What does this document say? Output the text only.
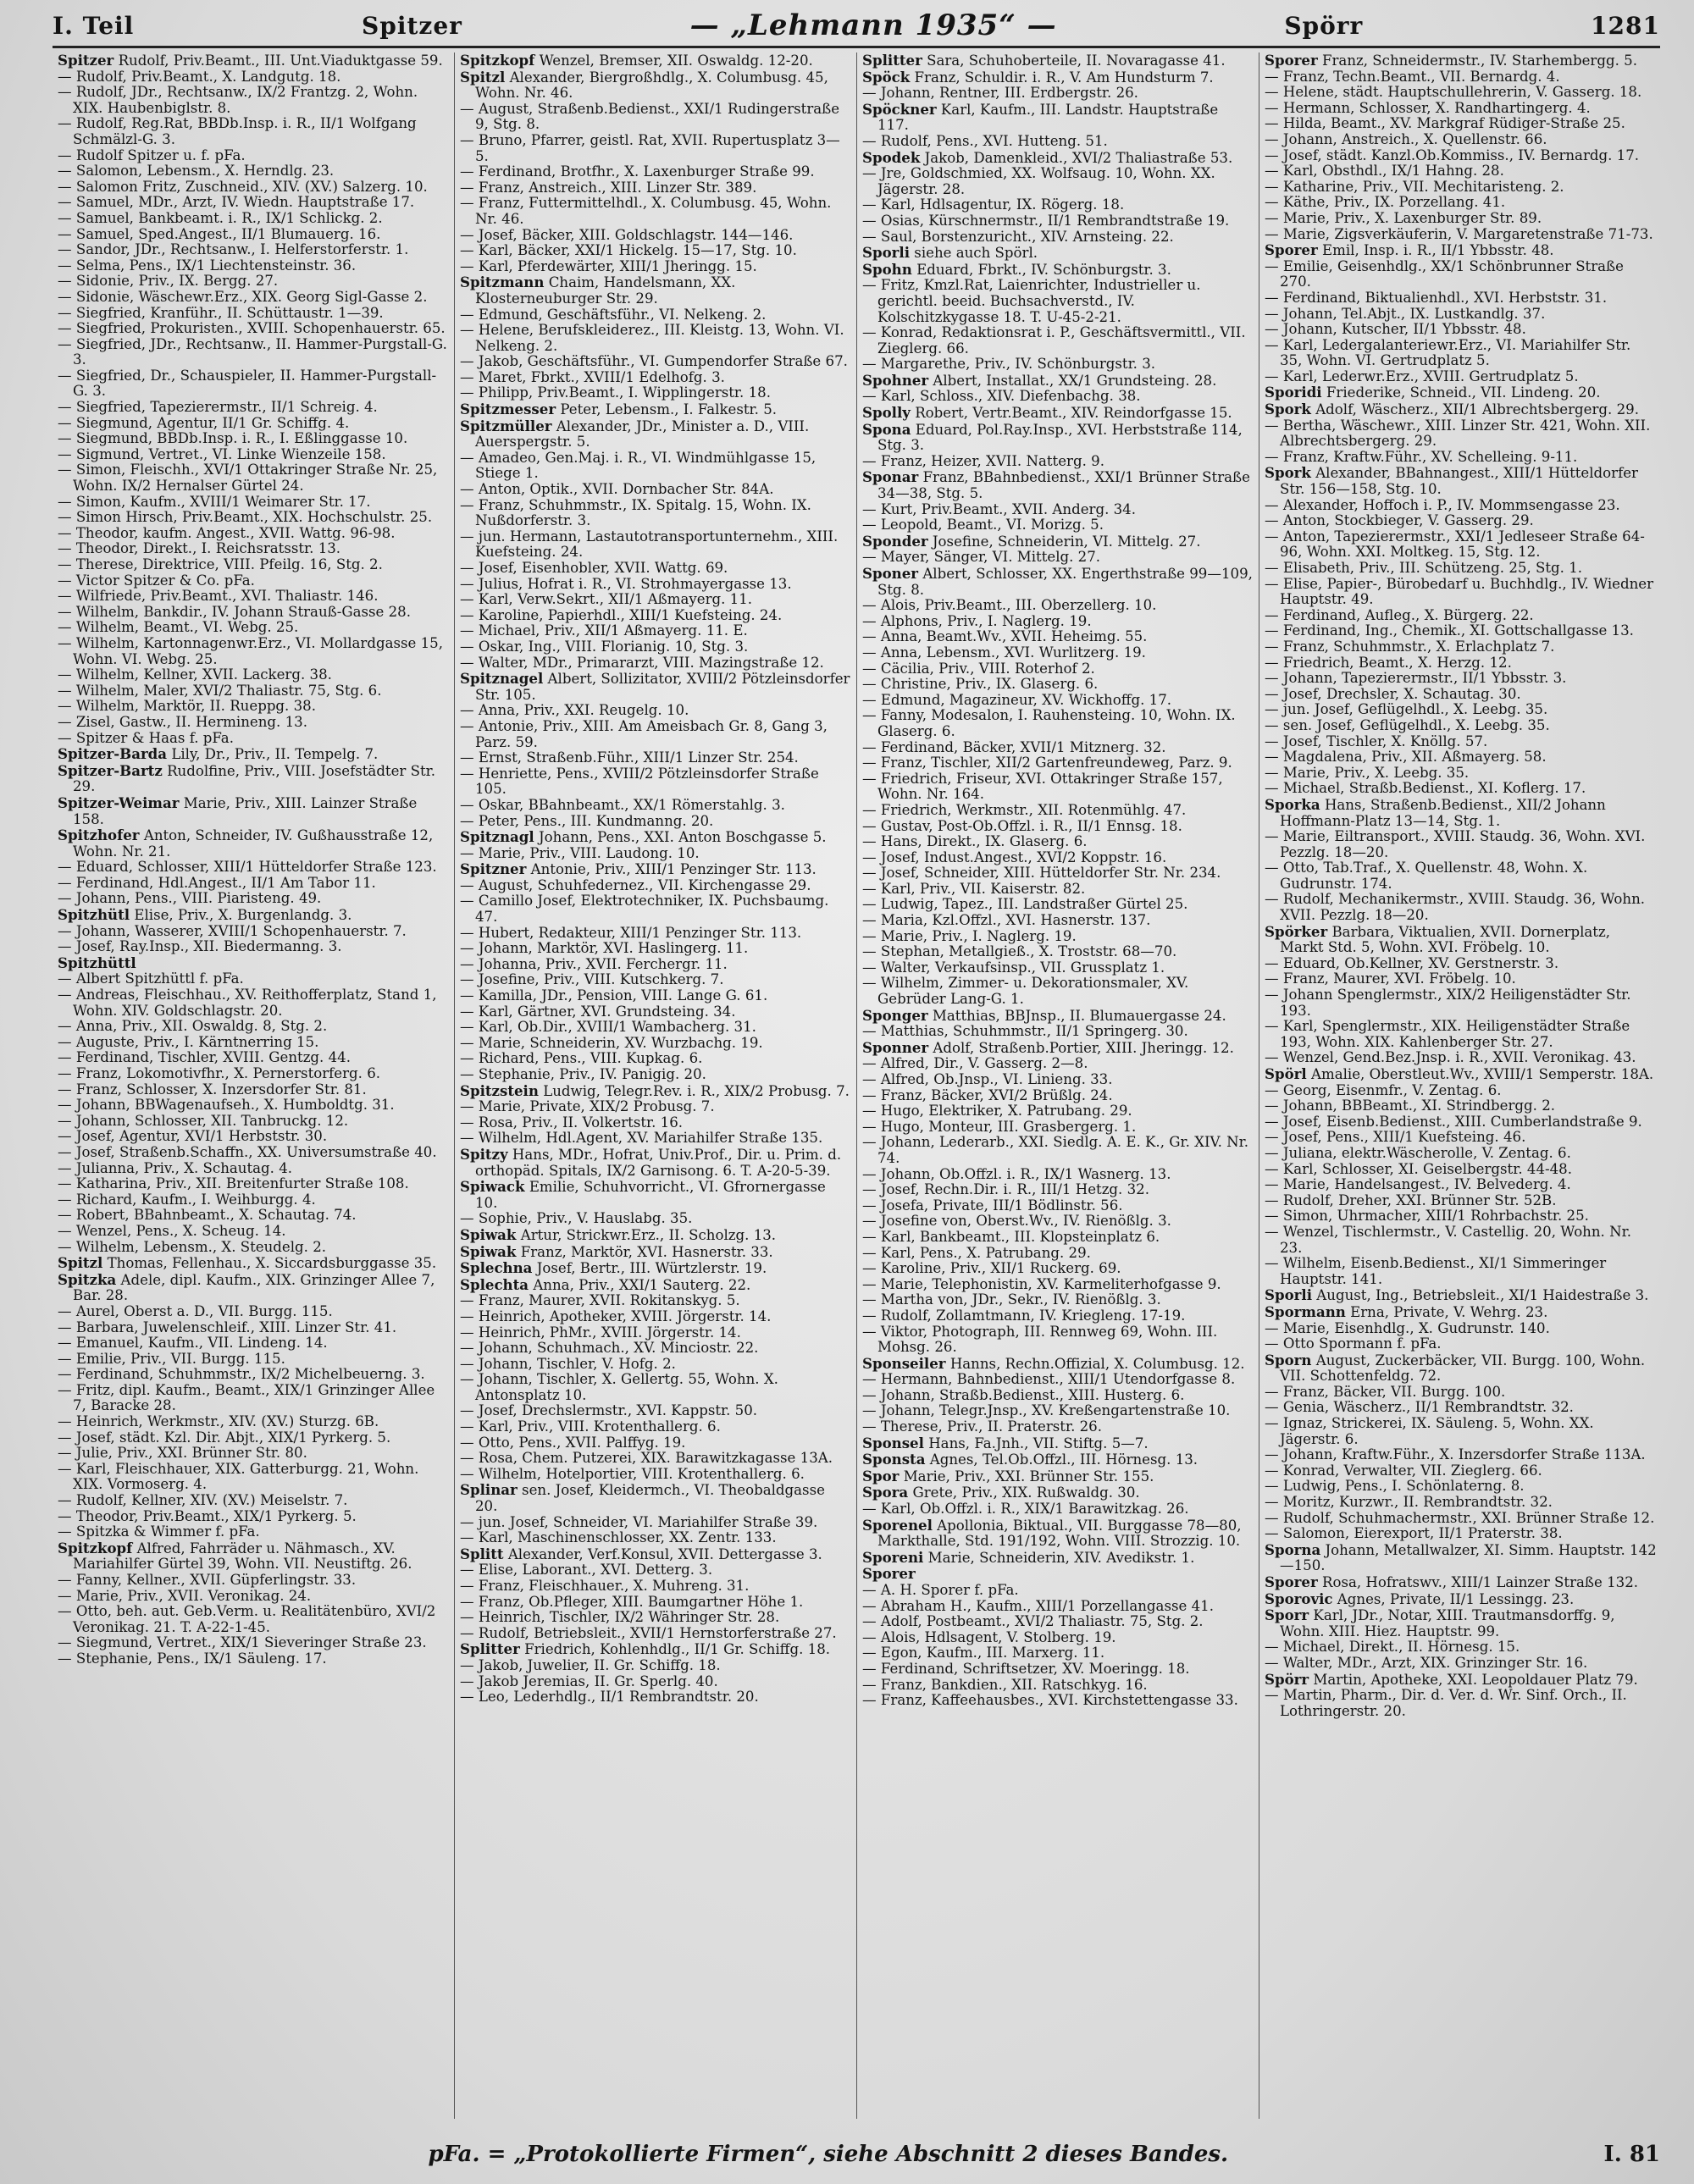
I. Teil	Spitzer	— „Lehmann 1935“ —	Spörr	1281

Spitzer Rudolf, Priv.Beamt., III. Unt.Viaduktgasse 59.

— Rudolf, Priv.Beamt., X. Landgutg. 18.

— Rudolf, JDr., Rechtsanw., IX/2 Frantzg. 2, Wohn. XIX. Haubenbiglstr. 8.

— Rudolf, Reg.Rat, BBDb.Insp. i. R., II/1 Wolfgang Schmälzl-G. 3.

— Rudolf Spitzer u. f. pFa.

— Salomon, Lebensm., X. Herndlg. 23.

— Salomon Fritz, Zuschneid., XIV. (XV.) Salzerg. 10.

— Samuel, MDr., Arzt, IV. Wiedn. Hauptstraße 17.

— Samuel, Bankbeamt. i. R., IX/1 Schlickg. 2.

— Samuel, Sped.Angest., II/1 Blumauerg. 16.

— Sandor, JDr., Rechtsanw., I. Helferstorferstr. 1.

— Selma, Pens., IX/1 Liechtensteinstr. 36.

— Sidonie, Priv., IX. Bergg. 27.

— Sidonie, Wäschewr.Erz., XIX. Georg Sigl-Gasse 2.

— Siegfried, Kranführ., II. Schüttaustr. 1—39.

— Siegfried, Prokuristen., XVIII. Schopenhauerstr. 65.

— Siegfried, JDr., Rechtsanw., II. Hammer-Purgstall-G. 3.

— Siegfried, Dr., Schauspieler, II. Hammer-Purgstall-G. 3.

— Siegfried, Tapezierermstr., II/1 Schreig. 4.

— Siegmund, Agentur, II/1 Gr. Schiffg. 4.

— Siegmund, BBDb.Insp. i. R., I. Eßlinggasse 10.

— Sigmund, Vertret., VI. Linke Wienzeile 158.

— Simon, Fleischh., XVI/1 Ottakringer Straße Nr. 25, Wohn. IX/2 Hernalser Gürtel 24.

— Simon, Kaufm., XVIII/1 Weimarer Str. 17.

— Simon Hirsch, Priv.Beamt., XIX. Hochschulstr. 25.

— Theodor, kaufm. Angest., XVII. Wattg. 96-98.

— Theodor, Direkt., I. Reichsratsstr. 13.

— Therese, Direktrice, VIII. Pfeilg. 16, Stg. 2.

— Victor Spitzer & Co. pFa.

— Wilfriede, Priv.Beamt., XVI. Thaliastr. 146.

— Wilhelm, Bankdir., IV. Johann Strauß-Gasse 28.

— Wilhelm, Beamt., VI. Webg. 25.

— Wilhelm, Kartonnagenwr.Erz., VI. Mollardgasse 15, Wohn. VI. Webg. 25.

— Wilhelm, Kellner, XVII. Lackerg. 38.

— Wilhelm, Maler, XVI/2 Thaliastr. 75, Stg. 6.

— Wilhelm, Marktör, II. Rueppg. 38.

— Zisel, Gastw., II. Hermineng. 13.

— Spitzer & Haas f. pFa.

Spitzer-Barda Lily, Dr., Priv., II. Tempelg. 7.

Spitzer-Bartz Rudolfine, Priv., VIII. Josefstädter Str. 29.

Spitzer-Weimar Marie, Priv., XIII. Lainzer Straße 158.

Spitzhofer Anton, Schneider, IV. Gußhausstraße 12, Wohn. Nr. 21.

— Eduard, Schlosser, XIII/1 Hütteldorfer Straße 123.

— Ferdinand, Hdl.Angest., II/1 Am Tabor 11.

— Johann, Pens., VIII. Piaristeng. 49.

Spitzhütl Elise, Priv., X. Burgenlandg. 3.

— Johann, Wasserer, XVIII/1 Schopenhauerstr. 7.

— Josef, Ray.Insp., XII. Biedermanng. 3.

Spitzhüttl

— Albert Spitzhüttl f. pFa.

— Andreas, Fleischhau., XV. Reithofferplatz, Stand 1, Wohn. XIV. Goldschlagstr. 20.

— Anna, Priv., XII. Oswaldg. 8, Stg. 2.

— Auguste, Priv., I. Kärntnerring 15.

— Ferdinand, Tischler, XVIII. Gentzg. 44.

— Franz, Lokomotivfhr., X. Pernerstorferg. 6.

— Franz, Schlosser, X. Inzersdorfer Str. 81.

— Johann, BBWagenaufseh., X. Humboldtg. 31.

— Johann, Schlosser, XII. Tanbruckg. 12.

— Josef, Agentur, XVI/1 Herbststr. 30.

— Josef, Straßenb.Schaffn., XX. Universumstraße 40.

— Julianna, Priv., X. Schautag. 4.

— Katharina, Priv., XII. Breitenfurter Straße 108.

— Richard, Kaufm., I. Weihburgg. 4.

— Robert, BBahnbeamt., X. Schautag. 74.

— Wenzel, Pens., X. Scheug. 14.

— Wilhelm, Lebensm., X. Steudelg. 2.

Spitzl Thomas, Fellenhau., X. Siccardsburggasse 35.

Spitzka Adele, dipl. Kaufm., XIX. Grinzinger Allee 7, Bar. 28.

— Aurel, Oberst a. D., VII. Burgg. 115.

— Barbara, Juwelenschleif., XIII. Linzer Str. 41.

— Emanuel, Kaufm., VII. Lindeng. 14.

— Emilie, Priv., VII. Burgg. 115.

— Ferdinand, Schuhmmstr., IX/2 Michelbeuerng. 3.

— Fritz, dipl. Kaufm., Beamt., XIX/1 Grinzinger Allee 7, Baracke 28.

— Heinrich, Werkmstr., XIV. (XV.) Sturzg. 6B.

— Josef, städt. Kzl. Dir. Abjt., XIX/1 Pyrkerg. 5.

— Julie, Priv., XXI. Brünner Str. 80.

— Karl, Fleischhauer, XIX. Gatterburgg. 21, Wohn. XIX. Vormoserg. 4.

— Rudolf, Kellner, XIV. (XV.) Meiselstr. 7.

— Theodor, Priv.Beamt., XIX/1 Pyrkerg. 5.

— Spitzka & Wimmer f. pFa.

Spitzkopf Alfred, Fahrräder u. Nähmasch., XV. Mariahilfer Gürtel 39, Wohn. VII. Neustiftg. 26.

— Fanny, Kellner., XVII. Güpferlingstr. 33.

— Marie, Priv., XVII. Veronikag. 24.

— Otto, beh. aut. Geb.Verm. u. Realitätenbüro, XVI/2 Veronikag. 21. T. A-22-1-45.

— Siegmund, Vertret., XIX/1 Sieveringer Straße 23.

— Stephanie, Pens., IX/1 Säuleng. 17.

Spitzkopf Wenzel, Bremser, XII. Oswaldg. 12-20.

Spitzl Alexander, Biergroßhdlg., X. Columbusg. 45, Wohn. Nr. 46.

— August, Straßenb.Bedienst., XXI/1 Rudingerstraße 9, Stg. 8.

— Bruno, Pfarrer, geistl. Rat, XVII. Rupertusplatz 3—5.

— Ferdinand, Brotfhr., X. Laxenburger Straße 99.

— Franz, Anstreich., XIII. Linzer Str. 389.

— Franz, Futtermittelhdl., X. Columbusg. 45, Wohn. Nr. 46.

— Josef, Bäcker, XIII. Goldschlagstr. 144—146.

— Karl, Bäcker, XXI/1 Hickelg. 15—17, Stg. 10.

— Karl, Pferdewärter, XIII/1 Jheringg. 15.

Spitzmann Chaim, Handelsmann, XX. Klosterneuburger Str. 29.

— Edmund, Geschäftsführ., VI. Nelkeng. 2.

— Helene, Berufskleiderez., III. Kleistg. 13, Wohn. VI. Nelkeng. 2.

— Jakob, Geschäftsführ., VI. Gumpendorfer Straße 67.

— Maret, Fbrkt., XVIII/1 Edelhofg. 3.

— Philipp, Priv.Beamt., I. Wipplingerstr. 18.

Spitzmesser Peter, Lebensm., I. Falkestr. 5.

Spitzmüller Alexander, JDr., Minister a. D., VIII. Auerspergstr. 5.

— Amadeo, Gen.Maj. i. R., VI. Windmühlgasse 15, Stiege 1.

— Anton, Optik., XVII. Dornbacher Str. 84A.

— Franz, Schuhmmstr., IX. Spitalg. 15, Wohn. IX. Nußdorferstr. 3.

— jun. Hermann, Lastautotransportunternehm., XIII. Kuefsteing. 24.

— Josef, Eisenhobler, XVII. Wattg. 69.

— Julius, Hofrat i. R., VI. Strohmayergasse 13.

— Karl, Verw.Sekrt., XII/1 Aßmayerg. 11.

— Karoline, Papierhdl., XIII/1 Kuefsteing. 24.

— Michael, Priv., XII/1 Aßmayerg. 11. E.

— Oskar, Ing., VIII. Florianig. 10, Stg. 3.

— Walter, MDr., Primararzt, VIII. Mazingstraße 12.

Spitznagel Albert, Sollizitator, XVIII/2 Pötzleinsdorfer Str. 105.

— Anna, Priv., XXI. Reugelg. 10.

— Antonie, Priv., XIII. Am Ameisbach Gr. 8, Gang 3, Parz. 59.

— Ernst, Straßenb.Führ., XIII/1 Linzer Str. 254.

— Henriette, Pens., XVIII/2 Pötzleinsdorfer Straße 105.

— Oskar, BBahnbeamt., XX/1 Römerstahlg. 3.

— Peter, Pens., III. Kundmanng. 20.

Spitznagl Johann, Pens., XXI. Anton Boschgasse 5.

— Marie, Priv., VIII. Laudong. 10.

Spitzner Antonie, Priv., XIII/1 Penzinger Str. 113.

— August, Schuhfedernez., VII. Kirchengasse 29.

— Camillo Josef, Elektrotechniker, IX. Puchsbaumg. 47.

— Hubert, Redakteur, XIII/1 Penzinger Str. 113.

— Johann, Marktör, XVI. Haslingerg. 11.

— Johanna, Priv., XVII. Ferchergr. 11.

— Josefine, Priv., VIII. Kutschkerg. 7.

— Kamilla, JDr., Pension, VIII. Lange G. 61.

— Karl, Gärtner, XVI. Grundsteing. 34.

— Karl, Ob.Dir., XVIII/1 Wambacherg. 31.

— Marie, Schneiderin, XV. Wurzbachg. 19.

— Richard, Pens., VIII. Kupkag. 6.

— Stephanie, Priv., IV. Panigig. 20.

Spitzstein Ludwig, Telegr.Rev. i. R., XIX/2 Probusg. 7.

— Marie, Private, XIX/2 Probusg. 7.

— Rosa, Priv., II. Volkertstr. 16.

— Wilhelm, Hdl.Agent, XV. Mariahilfer Straße 135.

Spitzy Hans, MDr., Hofrat, Univ.Prof., Dir. u. Prim. d. orthopäd. Spitals, IX/2 Garnisong. 6. T. A-20-5-39.

Spiwack Emilie, Schuhvorricht., VI. Gfrornergasse 10.

— Sophie, Priv., V. Hauslabg. 35.

Spiwak Artur, Strickwr.Erz., II. Scholzg. 13.

Spiwak Franz, Marktör, XVI. Hasnerstr. 33.

Splechna Josef, Bertr., III. Würtzlerstr. 19.

Splechta Anna, Priv., XXI/1 Sauterg. 22.

— Franz, Maurer, XVII. Rokitanskyg. 5.

— Heinrich, Apotheker, XVIII. Jörgerstr. 14.

— Heinrich, PhMr., XVIII. Jörgerstr. 14.

— Johann, Schuhmach., XV. Minciostr. 22.

— Johann, Tischler, V. Hofg. 2.

— Johann, Tischler, X. Gellertg. 55, Wohn. X. Antonsplatz 10.

— Josef, Drechslermstr., XVI. Kappstr. 50.

— Karl, Priv., VIII. Krotenthallerg. 6.

— Otto, Pens., XVII. Palffyg. 19.

— Rosa, Chem. Putzerei, XIX. Barawitzkagasse 13A.

— Wilhelm, Hotelportier, VIII. Krotenthallerg. 6.

Splinar sen. Josef, Kleidermch., VI. Theobaldgasse 20.

— jun. Josef, Schneider, VI. Mariahilfer Straße 39.

— Karl, Maschinenschlosser, XX. Zentr. 133.

Splitt Alexander, Verf.Konsul, XVII. Dettergasse 3.

— Elise, Laborant., XVI. Detterg. 3.

— Franz, Fleischhauer., X. Muhreng. 31.

— Franz, Ob.Pfleger, XIII. Baumgartner Höhe 1.

— Heinrich, Tischler, IX/2 Währinger Str. 28.

— Rudolf, Betriebsleit., XVII/1 Hernstorferstraße 27.

Splitter Friedrich, Kohlenhdlg., II/1 Gr. Schiffg. 18.

— Jakob, Juwelier, II. Gr. Schiffg. 18.

— Jakob Jeremias, II. Gr. Sperlg. 40.

— Leo, Lederhdlg., II/1 Rembrandtstr. 20.

Splitter Sara, Schuhoberteile, II. Novaragasse 41.

Spöck Franz, Schuldir. i. R., V. Am Hundsturm 7.

— Johann, Rentner, III. Erdbergstr. 26.

Spöckner Karl, Kaufm., III. Landstr. Hauptstraße 117.

— Rudolf, Pens., XVI. Hutteng. 51.

Spodek Jakob, Damenkleid., XVI/2 Thaliastraße 53.

— Jre, Goldschmied, XX. Wolfsaug. 10, Wohn. XX. Jägerstr. 28.

— Karl, Hdlsagentur, IX. Rögerg. 18.

— Osias, Kürschnermstr., II/1 Rembrandtstraße 19.

— Saul, Borstenzuricht., XIV. Arnsteing. 22.

Sporli siehe auch Spörl.

Spohn Eduard, Fbrkt., IV. Schönburgstr. 3.

— Fritz, Kmzl.Rat, Laienrichter, Industrieller u. gerichtl. beeid. Buchsachverstd., IV. Kolschitzkygasse 18. T. U-45-2-21.

— Konrad, Redaktionsrat i. P., Geschäftsvermittl., VII. Zieglerg. 66.

— Margarethe, Priv., IV. Schönburgstr. 3.

Spohner Albert, Installat., XX/1 Grundsteing. 28.

— Karl, Schloss., XIV. Diefenbachg. 38.

Spolly Robert, Vertr.Beamt., XIV. Reindorfgasse 15.

Spona Eduard, Pol.Ray.Insp., XVI. Herbststraße 114, Stg. 3.

— Franz, Heizer, XVII. Natterg. 9.

Sponar Franz, BBahnbedienst., XXI/1 Brünner Straße 34—38, Stg. 5.

— Kurt, Priv.Beamt., XVII. Anderg. 34.

— Leopold, Beamt., VI. Morizg. 5.

Sponder Josefine, Schneiderin, VI. Mittelg. 27.

— Mayer, Sänger, VI. Mittelg. 27.

Sponer Albert, Schlosser, XX. Engerthstraße 99—109, Stg. 8.

— Alois, Priv.Beamt., III. Oberzellerg. 10.

— Alphons, Priv., I. Naglerg. 19.

— Anna, Beamt.Wv., XVII. Heheimg. 55.

— Anna, Lebensm., XVI. Wurlitzerg. 19.

— Cäcilia, Priv., VIII. Roterhof 2.

— Christine, Priv., IX. Glaserg. 6.

— Edmund, Magazineur, XV. Wickhoffg. 17.

— Fanny, Modesalon, I. Rauhensteing. 10, Wohn. IX. Glaserg. 6.

— Ferdinand, Bäcker, XVII/1 Mitznerg. 32.

— Franz, Tischler, XII/2 Gartenfreundeweg, Parz. 9.

— Friedrich, Friseur, XVI. Ottakringer Straße 157, Wohn. Nr. 164.

— Friedrich, Werkmstr., XII. Rotenmühlg. 47.

— Gustav, Post-Ob.Offzl. i. R., II/1 Ennsg. 18.

— Hans, Direkt., IX. Glaserg. 6.

— Josef, Indust.Angest., XVI/2 Koppstr. 16.

— Josef, Schneider, XIII. Hütteldorfer Str. Nr. 234.

— Karl, Priv., VII. Kaiserstr. 82.

— Ludwig, Tapez., III. Landstraßer Gürtel 25.

— Maria, Kzl.Offzl., XVI. Hasnerstr. 137.

— Marie, Priv., I. Naglerg. 19.

— Stephan, Metallgieß., X. Troststr. 68—70.

— Walter, Verkaufsinsp., VII. Grussplatz 1.

— Wilhelm, Zimmer- u. Dekorationsmaler, XV. Gebrüder Lang-G. 1.

Sponger Matthias, BBJnsp., II. Blumauergasse 24.

— Matthias, Schuhmmstr., II/1 Springerg. 30.

Sponner Adolf, Straßenb.Portier, XIII. Jheringg. 12.

— Alfred, Dir., V. Gasserg. 2—8.

— Alfred, Ob.Jnsp., VI. Linieng. 33.

— Franz, Bäcker, XVI/2 Brüßlg. 24.

— Hugo, Elektriker, X. Patrubang. 29.

— Hugo, Monteur, III. Grasbergerg. 1.

— Johann, Lederarb., XXI. Siedlg. A. E. K., Gr. XIV. Nr. 74.

— Johann, Ob.Offzl. i. R., IX/1 Wasnerg. 13.

— Josef, Rechn.Dir. i. R., III/1 Hetzg. 32.

— Josefa, Private, III/1 Bödlinstr. 56.

— Josefine von, Oberst.Wv., IV. Rienößlg. 3.

— Karl, Bankbeamt., III. Klopsteinplatz 6.

— Karl, Pens., X. Patrubang. 29.

— Karoline, Priv., XII/1 Ruckerg. 69.

— Marie, Telephonistin, XV. Karmeliterhofgasse 9.

— Martha von, JDr., Sekr., IV. Rienößlg. 3.

— Rudolf, Zollamtmann, IV. Kriegleng. 17-19.

— Viktor, Photograph, III. Rennweg 69, Wohn. III. Mohsg. 26.

Sponseiler Hanns, Rechn.Offizial, X. Columbusg. 12.

— Hermann, Bahnbedienst., XIII/1 Utendorfgasse 8.

— Johann, Straßb.Bedienst., XIII. Husterg. 6.

— Johann, Telegr.Jnsp., XV. Kreßengartenstraße 10.

— Therese, Priv., II. Praterstr. 26.

Sponsel Hans, Fa.Jnh., VII. Stiftg. 5—7.

Sponsta Agnes, Tel.Ob.Offzl., III. Hörnesg. 13.

Spor Marie, Priv., XXI. Brünner Str. 155.

Spora Grete, Priv., XIX. Rußwaldg. 30.

— Karl, Ob.Offzl. i. R., XIX/1 Barawitzkag. 26.

Sporenel Apollonia, Biktual., VII. Burggasse 78—80, Markthalle, Std. 191/192, Wohn. VIII. Strozzig. 10.

Sporeni Marie, Schneiderin, XIV. Avedikstr. 1.

Sporer

— A. H. Sporer f. pFa.

— Abraham H., Kaufm., XIII/1 Porzellangasse 41.

— Adolf, Postbeamt., XVI/2 Thaliastr. 75, Stg. 2.

— Alois, Hdlsagent, V. Stolberg. 19.

— Egon, Kaufm., III. Marxerg. 11.

— Ferdinand, Schriftsetzer, XV. Moeringg. 18.

— Franz, Bankdien., XII. Ratschkyg. 16.

— Franz, Kaffeehausbes., XVI. Kirchstettengasse 33.

Sporer Franz, Schneidermstr., IV. Starhembergg. 5.

— Franz, Techn.Beamt., VII. Bernardg. 4.

— Helene, städt. Hauptschullehrerin, V. Gasserg. 18.

— Hermann, Schlosser, X. Randhartingerg. 4.

— Hilda, Beamt., XV. Markgraf Rüdiger-Straße 25.

— Johann, Anstreich., X. Quellenstr. 66.

— Josef, städt. Kanzl.Ob.Kommiss., IV. Bernardg. 17.

— Karl, Obsthdl., IX/1 Hahng. 28.

— Katharine, Priv., VII. Mechitaristeng. 2.

— Käthe, Priv., IX. Porzellang. 41.

— Marie, Priv., X. Laxenburger Str. 89.

— Marie, Zigsverkäuferin, V. Margaretenstraße 71-73.

Sporer Emil, Insp. i. R., II/1 Ybbsstr. 48.

— Emilie, Geisenhdlg., XX/1 Schönbrunner Straße 270.

— Ferdinand, Biktualienhdl., XVI. Herbststr. 31.

— Johann, Tel.Abjt., IX. Lustkandlg. 37.

— Johann, Kutscher, II/1 Ybbsstr. 48.

— Karl, Ledergalanteriewr.Erz., VI. Mariahilfer Str. 35, Wohn. VI. Gertrudplatz 5.

— Karl, Lederwr.Erz., XVIII. Gertrudplatz 5.

Sporidi Friederike, Schneid., VII. Lindeng. 20.

Spork Adolf, Wäscherz., XII/1 Albrechtsbergerg. 29.

— Bertha, Wäschewr., XIII. Linzer Str. 421, Wohn. XII. Albrechtsbergerg. 29.

— Franz, Kraftw.Führ., XV. Schelleing. 9-11.

Spork Alexander, BBahnangest., XIII/1 Hütteldorfer Str. 156—158, Stg. 10.

— Alexander, Hoffoch i. P., IV. Mommsengasse 23.

— Anton, Stockbieger, V. Gasserg. 29.

— Anton, Tapezierermstr., XXI/1 Jedleseer Straße 64-96, Wohn. XXI. Moltkeg. 15, Stg. 12.

— Elisabeth, Priv., III. Schützeng. 25, Stg. 1.

— Elise, Papier-, Bürobedarf u. Buchhdlg., IV. Wiedner Hauptstr. 49.

— Ferdinand, Aufleg., X. Bürgerg. 22.

— Ferdinand, Ing., Chemik., XI. Gottschallgasse 13.

— Franz, Schuhmmstr., X. Erlachplatz 7.

— Friedrich, Beamt., X. Herzg. 12.

— Johann, Tapezierermstr., II/1 Ybbsstr. 3.

— Josef, Drechsler, X. Schautag. 30.

— jun. Josef, Geflügelhdl., X. Leebg. 35.

— sen. Josef, Geflügelhdl., X. Leebg. 35.

— Josef, Tischler, X. Knöllg. 57.

— Magdalena, Priv., XII. Aßmayerg. 58.

— Marie, Priv., X. Leebg. 35.

— Michael, Straßb.Bedienst., XI. Koflerg. 17.

Sporka Hans, Straßenb.Bedienst., XII/2 Johann Hoffmann-Platz 13—14, Stg. 1.

— Marie, Eiltransport., XVIII. Staudg. 36, Wohn. XVI. Pezzlg. 18—20.

— Otto, Tab.Traf., X. Quellenstr. 48, Wohn. X. Gudrunstr. 174.

— Rudolf, Mechanikermstr., XVIII. Staudg. 36, Wohn. XVII. Pezzlg. 18—20.

Spörker Barbara, Viktualien, XVII. Dornerplatz, Markt Std. 5, Wohn. XVI. Fröbelg. 10.

— Eduard, Ob.Kellner, XV. Gerstnerstr. 3.

— Franz, Maurer, XVI. Fröbelg. 10.

— Johann Spenglermstr., XIX/2 Heiligenstädter Str. 193.

— Karl, Spenglermstr., XIX. Heiligenstädter Straße 193, Wohn. XIX. Kahlenberger Str. 27.

— Wenzel, Gend.Bez.Jnsp. i. R., XVII. Veronikag. 43.

Spörl Amalie, Oberstleut.Wv., XVIII/1 Semperstr. 18A.

— Georg, Eisenmfr., V. Zentag. 6.

— Johann, BBBeamt., XI. Strindbergg. 2.

— Josef, Eisenb.Bedienst., XIII. Cumberlandstraße 9.

— Josef, Pens., XIII/1 Kuefsteing. 46.

— Juliana, elektr.Wäscherolle, V. Zentag. 6.

— Karl, Schlosser, XI. Geiselbergstr. 44-48.

— Marie, Handelsangest., IV. Belvederg. 4.

— Rudolf, Dreher, XXI. Brünner Str. 52B.

— Simon, Uhrmacher, XIII/1 Rohrbachstr. 25.

— Wenzel, Tischlermstr., V. Castellig. 20, Wohn. Nr. 23.

— Wilhelm, Eisenb.Bedienst., XI/1 Simmeringer Hauptstr. 141.

Sporli August, Ing., Betriebsleit., XI/1 Haidestraße 3.

Spormann Erna, Private, V. Wehrg. 23.

— Marie, Eisenhdlg., X. Gudrunstr. 140.

— Otto Spormann f. pFa.

Sporn August, Zuckerbäcker, VII. Burgg. 100, Wohn. VII. Schottenfeldg. 72.

— Franz, Bäcker, VII. Burgg. 100.

— Genia, Wäscherz., II/1 Rembrandtstr. 32.

— Ignaz, Strickerei, IX. Säuleng. 5, Wohn. XX. Jägerstr. 6.

— Johann, Kraftw.Führ., X. Inzersdorfer Straße 113A.

— Konrad, Verwalter, VII. Zieglerg. 66.

— Ludwig, Pens., I. Schönlaterng. 8.

— Moritz, Kurzwr., II. Rembrandtstr. 32.

— Rudolf, Schuhmachermstr., XXI. Brünner Straße 12.

— Salomon, Eierexport, II/1 Praterstr. 38.

Sporna Johann, Metallwalzer, XI. Simm. Hauptstr. 142—150.

Sporer Rosa, Hofratswv., XIII/1 Lainzer Straße 132.

Sporovic Agnes, Private, II/1 Lessingg. 23.

Sporr Karl, JDr., Notar, XIII. Trautmansdorffg. 9, Wohn. XIII. Hiez. Hauptstr. 99.

— Michael, Direkt., II. Hörnesg. 15.

— Walter, MDr., Arzt, XIX. Grinzinger Str. 16.

Spörr Martin, Apotheke, XXI. Leopoldauer Platz 79.

— Martin, Pharm., Dir. d. Ver. d. Wr. Sinf. Orch., II. Lothringerstr. 20.

pFa. = „Protokollierte Firmen“, siehe Abschnitt 2 dieses Bandes.	I. 81
